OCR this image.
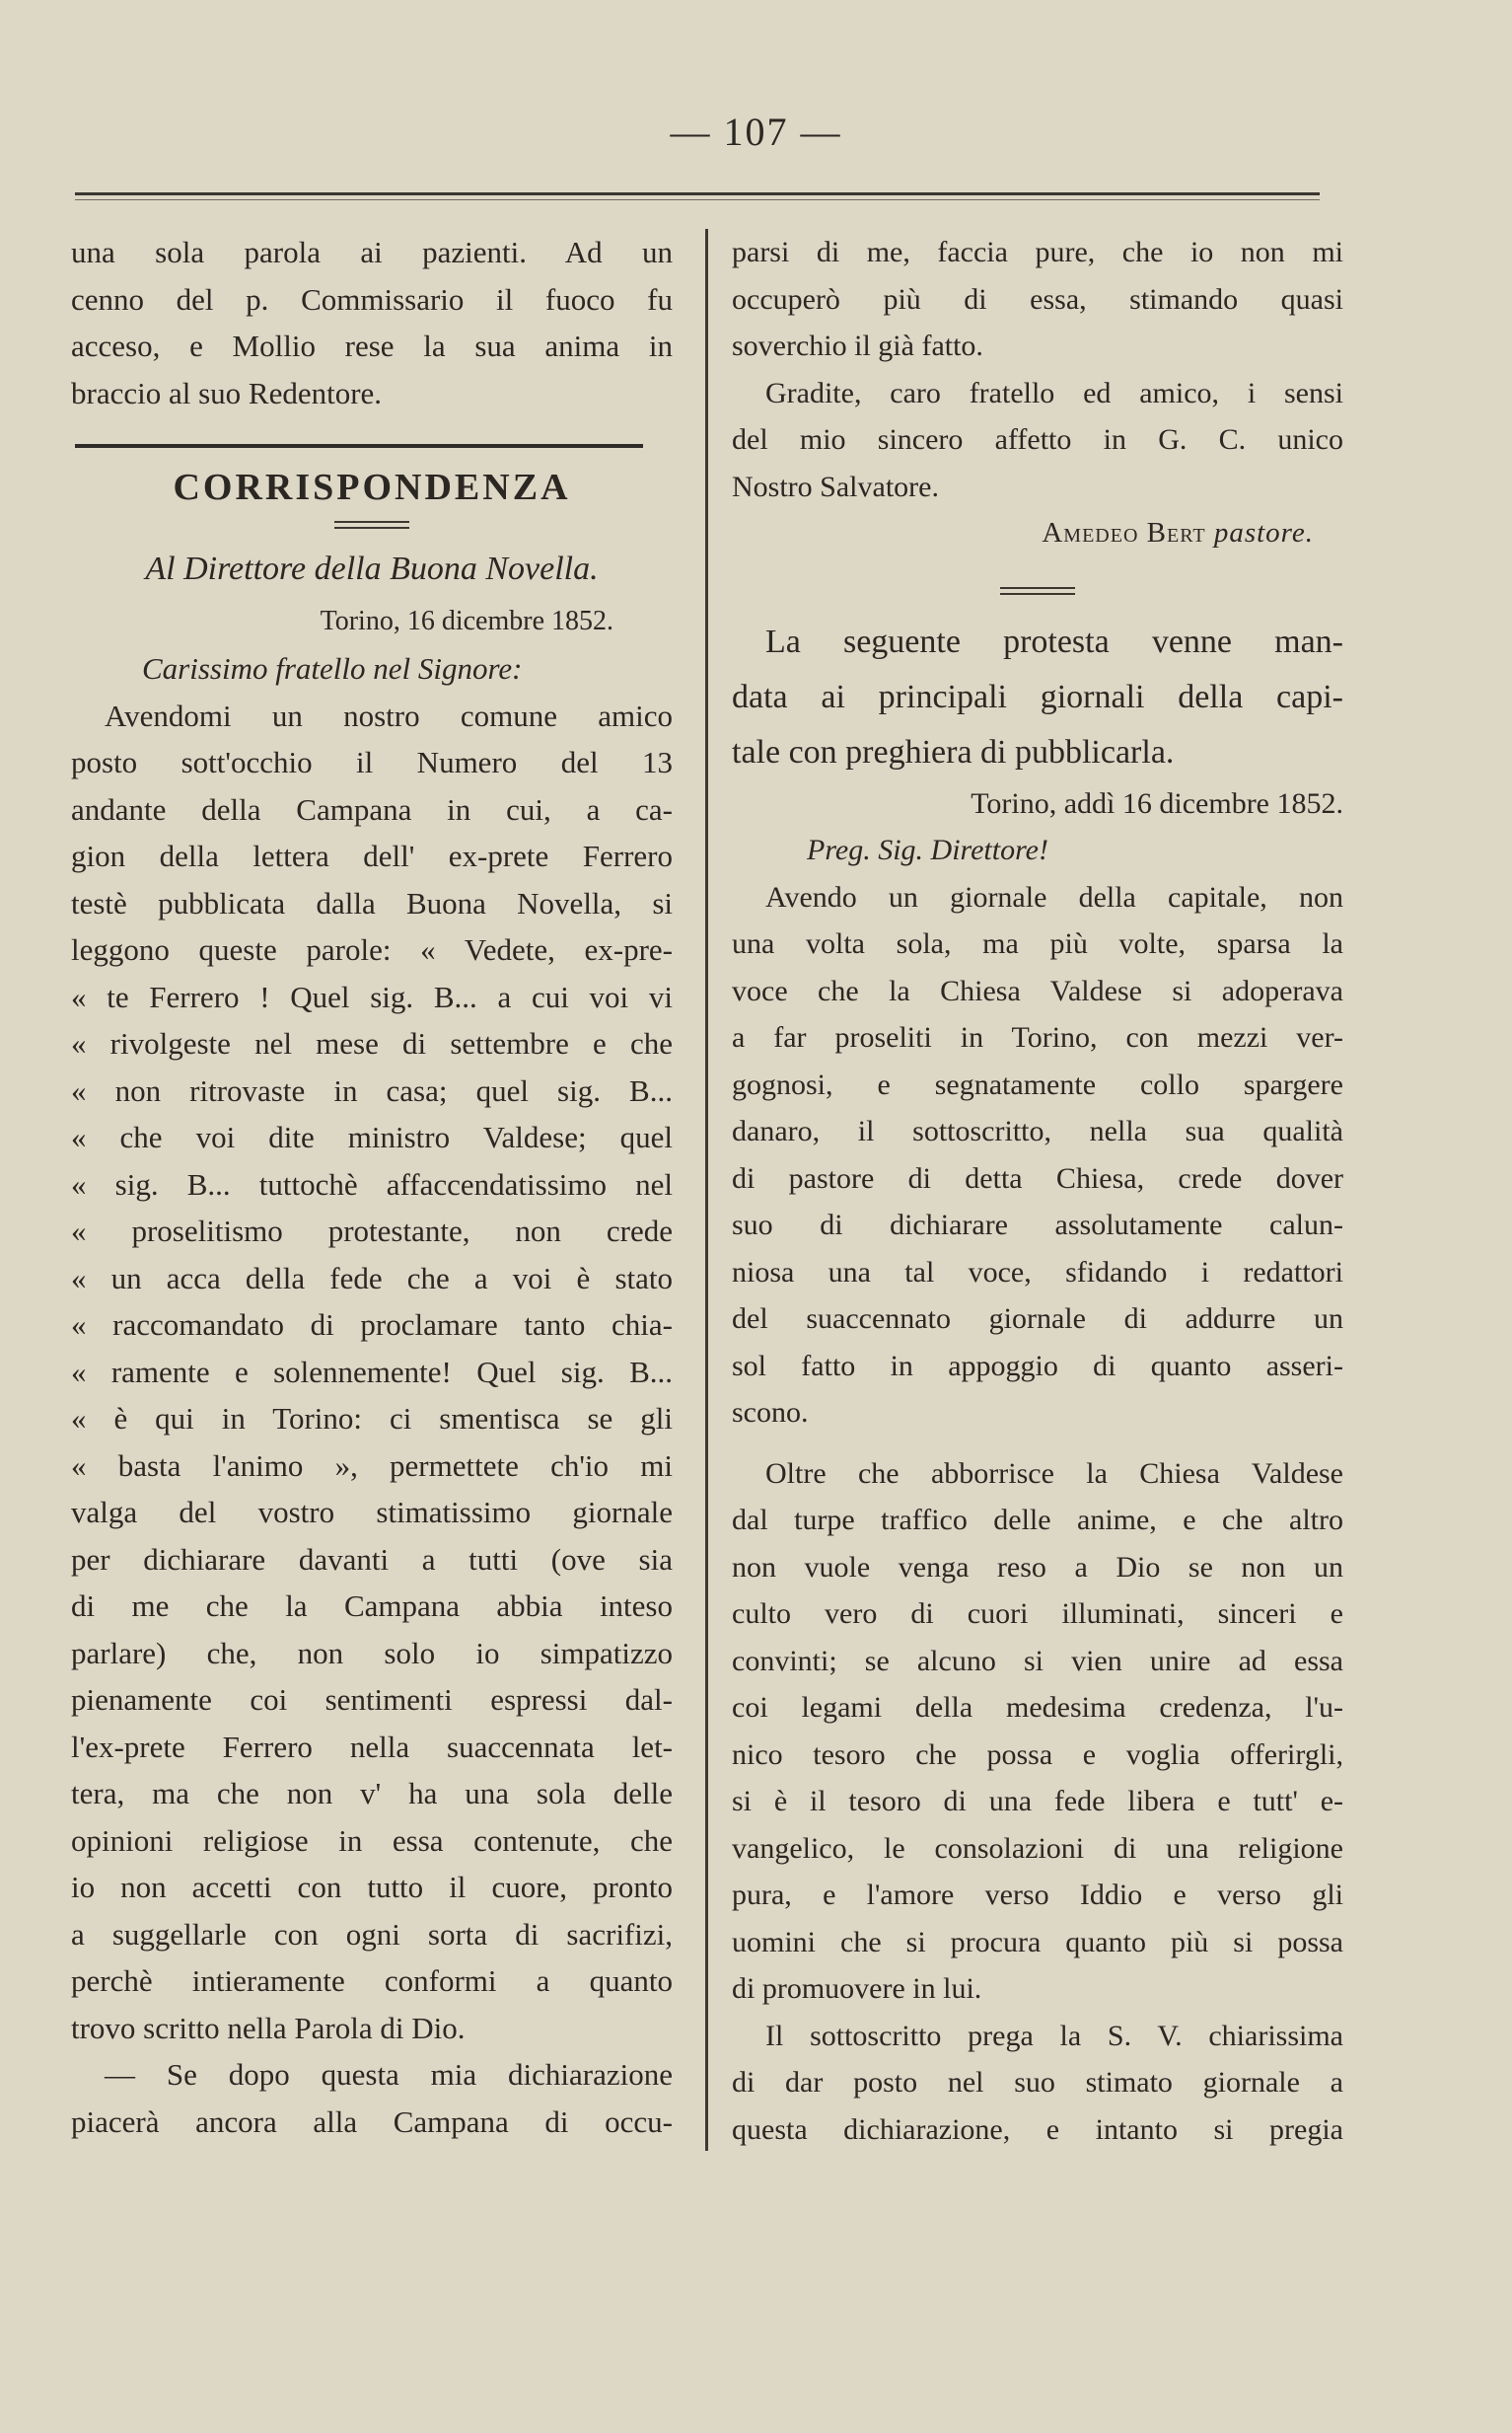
— 107 —

una sola parola ai pazienti. Ad un

cenno del p. Commissario il fuoco fu

acceso, e Mollio rese la sua anima in

braccio al suo Redentore.

CORRISPONDENZA
Al Direttore della Buona Novella.
Torino, 16 dicembre 1852.

Carissimo fratello nel Signore:

Avendomi un nostro comune amico

posto sott'occhio il Numero del 13

andante della Campana in cui, a ca-

gion della lettera dell' ex-prete Ferrero

testè pubblicata dalla Buona Novella, si

leggono queste parole: « Vedete, ex-pre-

« te Ferrero ! Quel sig. B... a cui voi vi

« rivolgeste nel mese di settembre e che

« non ritrovaste in casa; quel sig. B...

« che voi dite ministro Valdese; quel

« sig. B... tuttochè affaccendatissimo nel

« proselitismo protestante, non crede

« un acca della fede che a voi è stato

« raccomandato di proclamare tanto chia-

« ramente e solennemente! Quel sig. B...

« è qui in Torino: ci smentisca se gli

« basta l'animo », permettete ch'io mi

valga del vostro stimatissimo giornale

per dichiarare davanti a tutti (ove sia

di me che la Campana abbia inteso

parlare) che, non solo io simpatizzo

pienamente coi sentimenti espressi dal-

l'ex-prete Ferrero nella suaccennata let-

tera, ma che non v' ha una sola delle

opinioni religiose in essa contenute, che

io non accetti con tutto il cuore, pronto

a suggellarle con ogni sorta di sacrifizi,

perchè intieramente conformi a quanto

trovo scritto nella Parola di Dio.

— Se dopo questa mia dichiarazione

piacerà ancora alla Campana di occu-

parsi di me, faccia pure, che io non mi

occuperò più di essa, stimando quasi

soverchio il già fatto.

Gradite, caro fratello ed amico, i sensi

del mio sincero affetto in G. C. unico

Nostro Salvatore.

Amedeo Bert pastore.

La seguente protesta venne man-

data ai principali giornali della capi-

tale con preghiera di pubblicarla.

Torino, addì 16 dicembre 1852.

Preg. Sig. Direttore!

Avendo un giornale della capitale, non

una volta sola, ma più volte, sparsa la

voce che la Chiesa Valdese si adoperava

a far proseliti in Torino, con mezzi ver-

gognosi, e segnatamente collo spargere

danaro, il sottoscritto, nella sua qualità

di pastore di detta Chiesa, crede dover

suo di dichiarare assolutamente calun-

niosa una tal voce, sfidando i redattori

del suaccennato giornale di addurre un

sol fatto in appoggio di quanto asseri-

scono.

Oltre che abborrisce la Chiesa Valdese

dal turpe traffico delle anime, e che altro

non vuole venga reso a Dio se non un

culto vero di cuori illuminati, sinceri e

convinti; se alcuno si vien unire ad essa

coi legami della medesima credenza, l'u-

nico tesoro che possa e voglia offerirgli,

si è il tesoro di una fede libera e tutt' e-

vangelico, le consolazioni di una religione

pura, e l'amore verso Iddio e verso gli

uomini che si procura quanto più si possa

di promuovere in lui.

Il sottoscritto prega la S. V. chiarissima

di dar posto nel suo stimato giornale a

questa dichiarazione, e intanto si pregia
